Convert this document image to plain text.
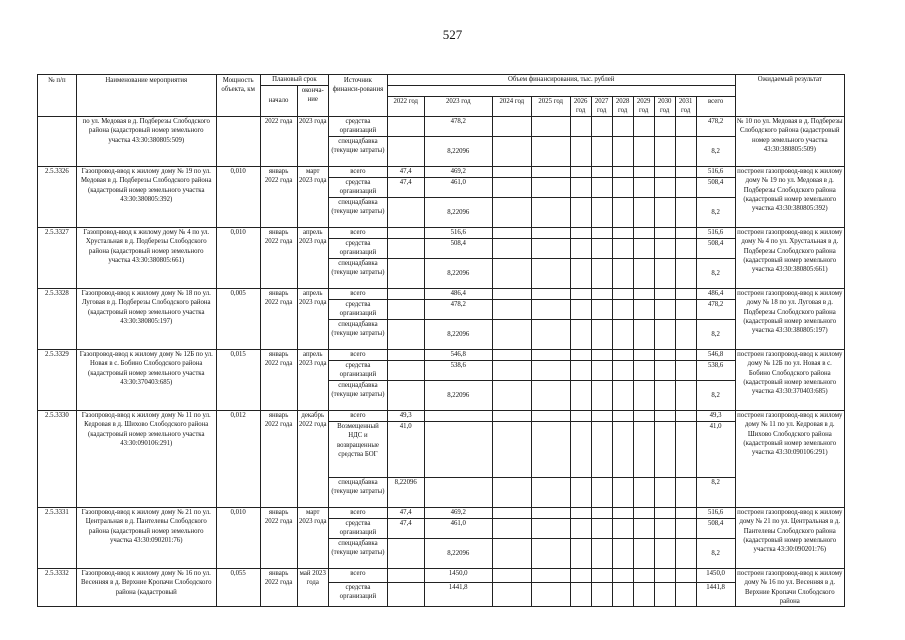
527
№ п/п	Наименование мероприятия	Мощность объекта, км	Плановый срок		Источник финанси-рования	Объем финансирования, тыс. рублей											Ожидаемый результат
			начало	оконча-ние													
						2022 год	2023 год	2024 год	2025 год	2026 год	2027 год	2028 год	2029 год	2030 год	2031 год	всего	
	по ул. Медовая в д. Подберезы Слободского района (кадастровый номер земельного участка 43:30:380805:509)		2022 года	2023 года	средства организаций		478,2									478,2	№ 10 по ул. Медовая в д. Подберезы Слободского района (кадастровый номер земельного участка 43:30:380805:509)
					спецнадбавка (текущие затраты)		8,22096									8,2	
2.5.3326	Газопровод-ввод к жилому дому № 19 по ул. Медовая в д. Подберезы Слободского района (кадастровый номер земельного участка 43:30:380805:392)	0,010	январь 2022 года	март 2023 года	всего	47,4	469,2									516,6	построен газопровод-ввод к жилому дому № 19 по ул. Медовая в д. Подберезы Слободского района (кадастровый номер земельного участка 43:30:380805:392)
					средства организаций	47,4	461,0									508,4	
					спецнадбавка (текущие затраты)		8,22096									8,2	
2.5.3327	Газопровод-ввод к жилому дому № 4 по ул. Хрустальная в д. Подберезы Слободского района (кадастровый номер земельного участка 43:30:380805:661)	0,010	январь 2022 года	апрель 2023 года	всего		516,6									516,6	построен газопровод-ввод к жилому дому № 4 по ул. Хрустальная в д. Подберезы Слободского района (кадастровый номер земельного участка 43:30:380805:661)
					средства организаций		508,4									508,4	
					спецнадбавка (текущие затраты)		8,22096									8,2	
2.5.3328	Газопровод-ввод к жилому дому № 18 по ул. Луговая в д. Подберезы Слободского района (кадастровый номер земельного участка 43:30:380805:197)	0,005	январь 2022 года	апрель 2023 года	всего		486,4									486,4	построен газопровод-ввод к жилому дому № 18 по ул. Луговая в д. Подберезы Слободского района (кадастровый номер земельного участка 43:30:380805:197)
					средства организаций		478,2									478,2	
					спецнадбавка (текущие затраты)		8,22096									8,2	
2.5.3329	Газопровод-ввод к жилому дому № 12Б по ул. Новая в с. Бобино Слободского района (кадастровый номер земельного участка 43:30:370403:685)	0,015	январь 2022 года	апрель 2023 года	всего		546,8									546,8	построен газопровод-ввод к жилому дому № 12Б по ул. Новая в с. Бобино Слободского района (кадастровый номер земельного участка 43:30:370403:685)
					средства организаций		538,6									538,6	
					спецнадбавка (текущие затраты)		8,22096									8,2	
2.5.3330	Газопровод-ввод к жилому дому № 11 по ул. Кедровая в д. Шихово Слободского района (кадастровый номер земельного участка 43:30:090106:291)	0,012	январь 2022 года	декабрь 2022 года	всего	49,3										49,3	построен газопровод-ввод к жилому дому № 11 по ул. Кедровая в д. Шихово Слободского района (кадастровый номер земельного участка 43:30:090106:291)
					Возмещенный НДС и возвращенные средства БОГ	41,0										41,0	
					спецнадбавка (текущие затраты)	8,22096										8,2	
2.5.3331	Газопровод-ввод к жилому дому № 21 по ул. Центральная в д. Пантелевы Слободского района (кадастровый номер земельного участка 43:30:090201:76)	0,010	январь 2022 года	март 2023 года	всего	47,4	469,2									516,6	построен газопровод-ввод к жилому дому № 21 по ул. Центральная в д. Пантелевы Слободского района (кадастровый номер земельного участка 43:30:090201:76)
					средства организаций	47,4	461,0									508,4	
					спецнадбавка (текущие затраты)		8,22096									8,2	
2.5.3332	Газопровод-ввод к жилому дому № 16 по ул. Весенняя в д. Верхние Кропачи Слободского района (кадастровый	0,055	январь 2022 года	май 2023 года	всего		1450,0									1450,0	построен газопровод-ввод к жилому дому № 16 по ул. Весенняя в д. Верхние Кропачи Слободского района
					средства организаций		1441,8									1441,8	
